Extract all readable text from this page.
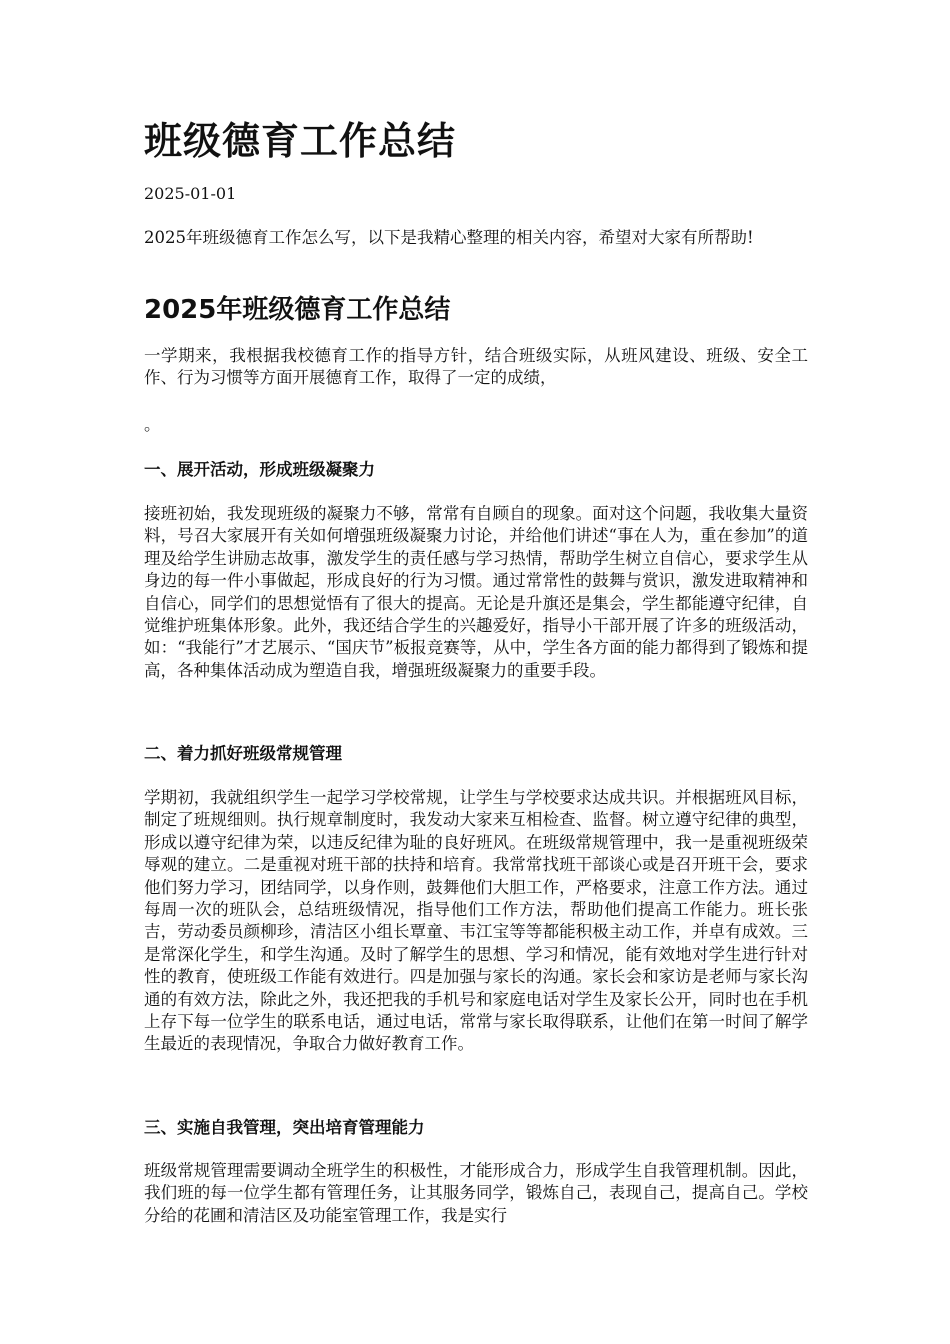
班级德育工作总结
2025-01-01

2025年班级德育工作怎么写，以下是我精心整理的相关内容，希望对大家有所帮助!

2025年班级德育工作总结

一学期来，我根据我校德育工作的指导方针，结合班级实际，从班风建设、班级、安全工作、行为习惯等方面开展德育工作，取得了一定的成绩，

。

一、展开活动，形成班级凝聚力

接班初始，我发现班级的凝聚力不够，常常有自顾自的现象。面对这个问题，我收集大量资料，号召大家展开有关如何增强班级凝聚力讨论，并给他们讲述“事在人为，重在参加”的道理及给学生讲励志故事，激发学生的责任感与学习热情，帮助学生树立自信心，要求学生从身边的每一件小事做起，形成良好的行为习惯。通过常常性的鼓舞与赏识，激发进取精神和自信心，同学们的思想觉悟有了很大的提高。无论是升旗还是集会，学生都能遵守纪律，自觉维护班集体形象。此外，我还结合学生的兴趣爱好，指导小干部开展了许多的班级活动，如：“我能行”才艺展示、“国庆节”板报竞赛等，从中，学生各方面的能力都得到了锻炼和提高，各种集体活动成为塑造自我，增强班级凝聚力的重要手段。

二、着力抓好班级常规管理

学期初，我就组织学生一起学习学校常规，让学生与学校要求达成共识。并根据班风目标，制定了班规细则。执行规章制度时，我发动大家来互相检查、监督。树立遵守纪律的典型，形成以遵守纪律为荣，以违反纪律为耻的良好班风。在班级常规管理中，我一是重视班级荣辱观的建立。二是重视对班干部的扶持和培育。我常常找班干部谈心或是召开班干会，要求他们努力学习，团结同学，以身作则，鼓舞他们大胆工作，严格要求，注意工作方法。通过每周一次的班队会，总结班级情况，指导他们工作方法，帮助他们提高工作能力。班长张吉，劳动委员颜柳珍，清洁区小组长覃童、韦江宝等等都能积极主动工作，并卓有成效。三是常深化学生，和学生沟通。及时了解学生的思想、学习和情况，能有效地对学生进行针对性的教育，使班级工作能有效进行。四是加强与家长的沟通。家长会和家访是老师与家长沟通的有效方法，除此之外，我还把我的手机号和家庭电话对学生及家长公开，同时也在手机上存下每一位学生的联系电话，通过电话，常常与家长取得联系，让他们在第一时间了解学生最近的表现情况，争取合力做好教育工作。

三、实施自我管理，突出培育管理能力

班级常规管理需要调动全班学生的积极性，才能形成合力，形成学生自我管理机制。因此，我们班的每一位学生都有管理任务，让其服务同学，锻炼自己，表现自己，提高自己。学校分给的花圃和清洁区及功能室管理工作，我是实行
